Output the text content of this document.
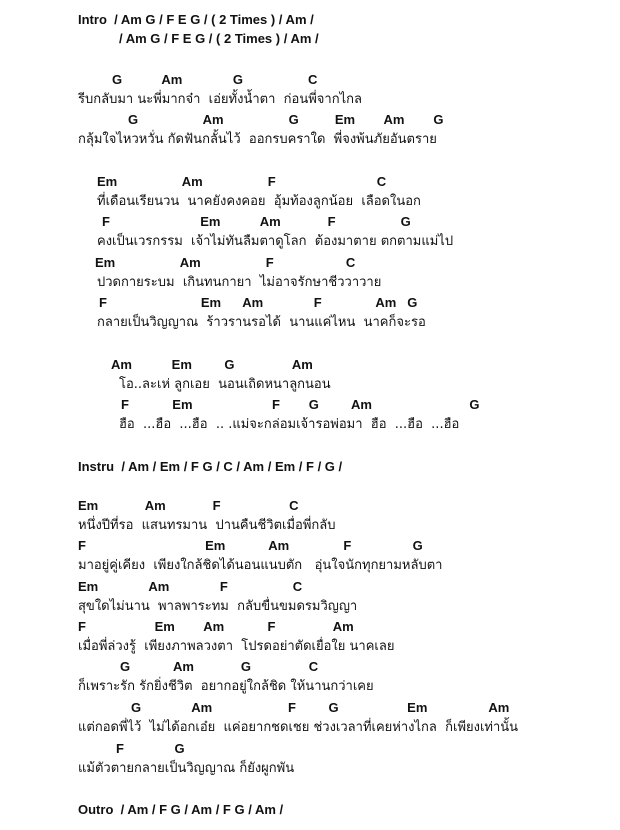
Intro  / Am G / F E G / ( 2 Times ) / Am /
/ Am G / F E G / ( 2 Times ) / Am /
G           Am              G                  C
รีบกลับมา นะพี่มากจ๋า  เอ่ยทั้งน้ำตา  ก่อนพี่จากไกล
G                  Am                  G          Em        Am        G
กลุ้มใจไหวหวั่น กัดฟันกลั้นไว้  ออกรบคราใด  พี่จงพ้นภัยอันตราย
Em                  Am                  F                            C
ที่เดือนเรียนวน  นาคยังคงคอย  อุ้มท้องลูกน้อย  เลือดในอก
F                         Em           Am             F                  G
คงเป็นเวรกรรม  เจ้าไม่ทันลืมตาดูโลก  ต้องมาตาย ตกตามแม่ไป
Em                  Am                  F                    C
ปวดกายระบม  เกินทนกายา  ไม่อาจรักษาชีววาวาย
F                          Em      Am              F               Am   G
กลายเป็นวิญญาณ  ร้าวรานรอได้  นานแค่ไหน  นาคก็จะรอ
Am           Em         G                Am
โอ..ละเห่ ลูกเอย  นอนเถิดหนาลูกนอน
F            Em                      F        G         Am                           G
ฮือ  ...ฮือ  ...ฮือ  .. .แม่จะกล่อมเจ้ารอพ่อมา  ฮือ  ...ฮือ  ...ฮือ
Instru  / Am / Em / F G / C / Am / Em / F / G /
Em             Am             F                   C
หนึ่งปีที่รอ  แสนทรมาน  ปานคืนชีวิตเมื่อพี่กลับ
F                                 Em            Am               F                 G
มาอยู่คู่เคียง  เพียงใกล้ชิดได้นอนแนบตัก   อุ่นใจนักทุกยามหลับตา
Em              Am              F                  C
สุขใดไม่นาน  พาลพาระทม  กลับขื่นขมดรมวิญญา
F                   Em        Am            F                Am
เมื่อพี่ล่วงรู้  เพียงภาพลวงตา  โปรดอย่าตัดเยื่อใย นาคเลย
G            Am             G                C
ก็เพราะรัก รักยิ่งชีวิต  อยากอยู่ใกล้ชิด ให้นานกว่าเคย
G              Am                     F         G                   Em                 Am
แต่กอดพี่ไว้  ไม่ได้อกเอ๋ย  แค่อยากชดเชย ช่วงเวลาที่เคยห่างไกล  ก็เพียงเท่านั้น
F              G
แม้ตัวตายกลายเป็นวิญญาณ ก็ยังผูกพัน
Outro  / Am / F G / Am / F G / Am /
